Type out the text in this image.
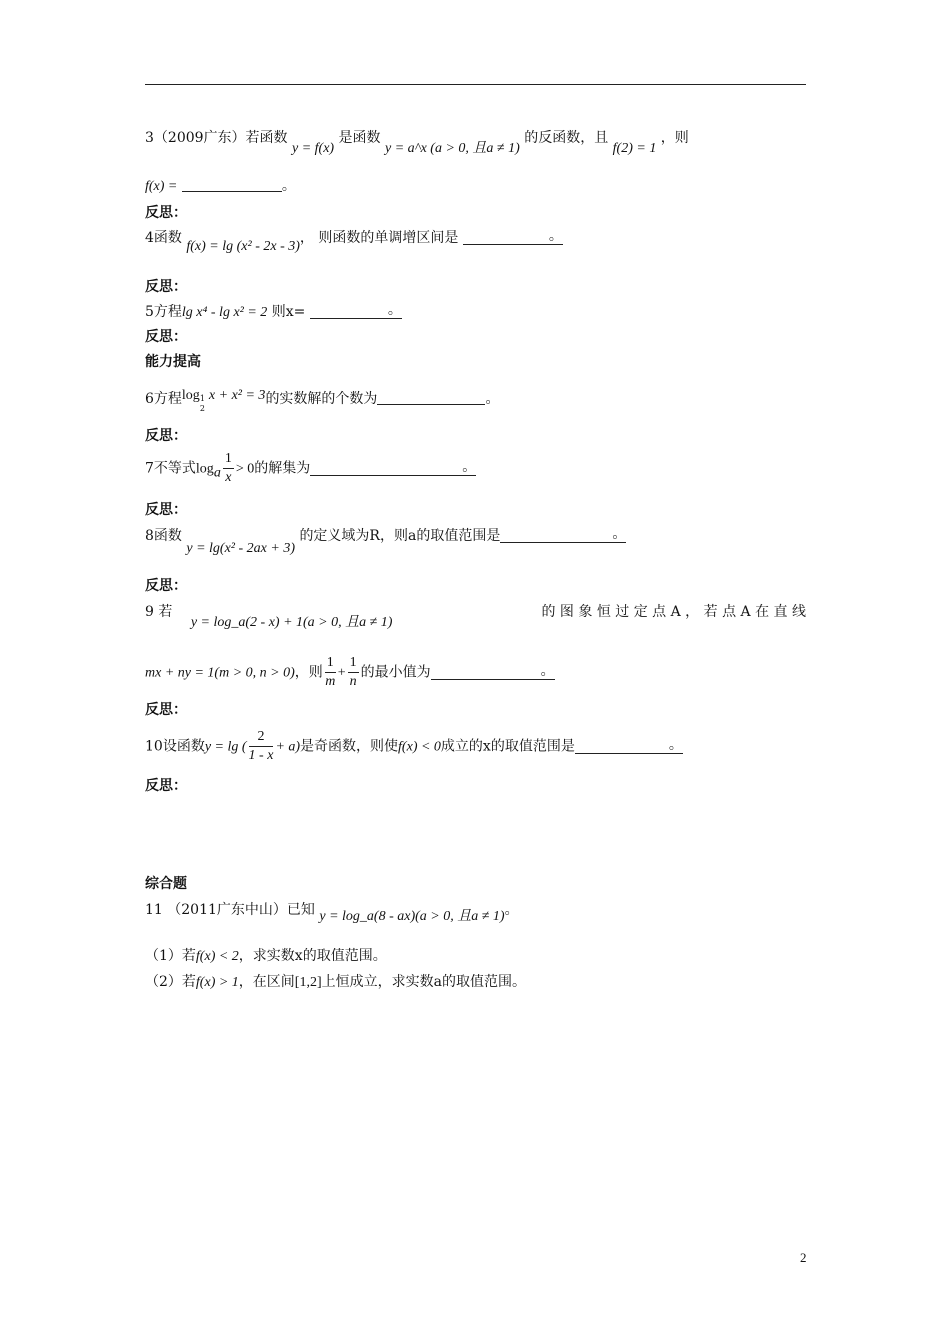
3（2009广东）若函数 y = f(x) 是函数 y = a^x (a > 0, 且a ≠ 1) 的反函数，且 f(2) = 1 ，则
f(x) =	。
反思：
4函数 f(x) = lg (x² - 2x - 3)， 则函数的单调增区间是	。
反思：
5方程lg x⁴ - lg x² = 2 则x=	。
反思：
能力提高
6方程log 1
2
x + x² = 3的实数解的个数为	。
反思：
7不等式$\log_a \frac{1}{x} > 0$的解集为	。
反思：
8函数 y = lg(x² - 2ax + 3) 的定义域为R，则a的取值范围是	。
反思：
9 若 y = log_a(2 - x) + 1(a > 0, 且a ≠ 1)
的 图 象 恒 过 定 点 A ， 若 点 A 在 直 线
mx + ny = 1(m > 0, n > 0)，则 $\frac{1}{m} + \frac{1}{n}$ 的最小值为	。
反思：
10设函数y = lg ( $\frac{2}{1 - x} + a$)是奇函数，则使f(x) < 0成立的x的取值范围是	。
反思：
综合题
11 （2011广东中山）已知 y = log_a(8 - ax)(a > 0, 且a ≠ 1)。
（1）若f(x) < 2，求实数x的取值范围。
（2）若f(x) > 1，在区间[1,2]上恒成立，求实数a的取值范围。
2
